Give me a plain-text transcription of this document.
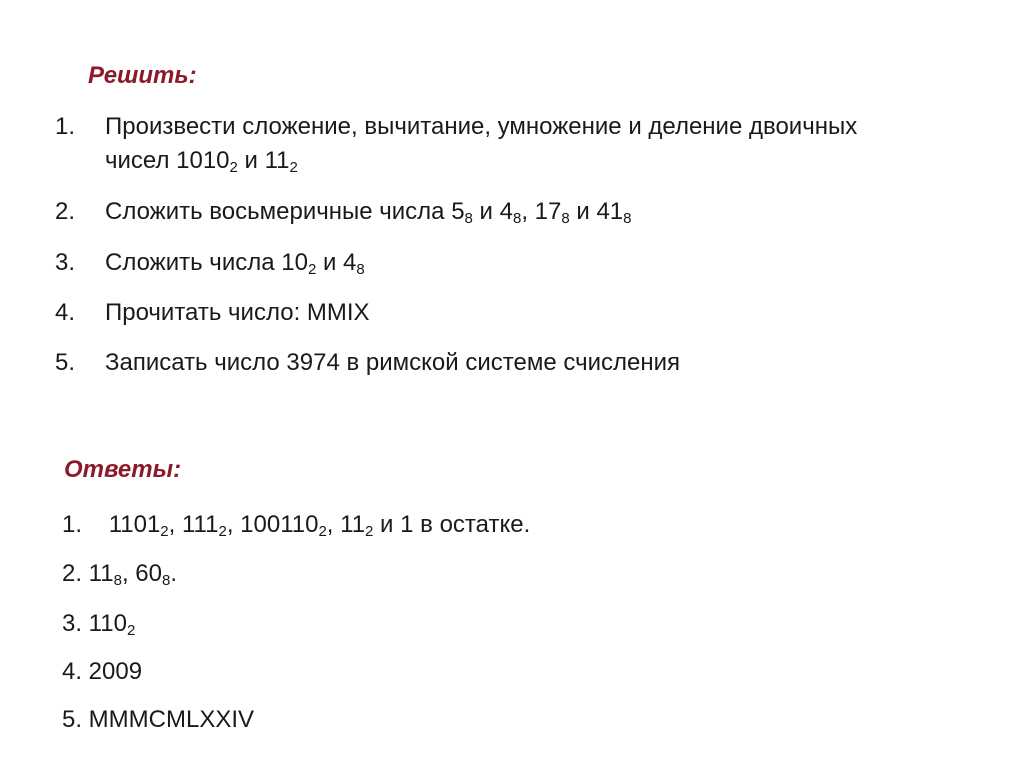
Решить:
1. Произвести сложение, вычитание, умножение и деление двоичных чисел $1010_2$ и $11_2$
2. Сложить восьмеричные числа $5_8$ и $4_8$, $17_8$ и $41_8$
3. Сложить числа $10_2$ и $4_8$
4. Прочитать число: MMIX
5. Записать число 3974 в римской системе счисления
Ответы:

1.    $1101_2$, $111_2$, $100110_2$, $11_2$ и 1 в остатке.

2. $11_8$, $60_8$.

3. $110_2$

4. 2009

5. MMMCMLXXIV
